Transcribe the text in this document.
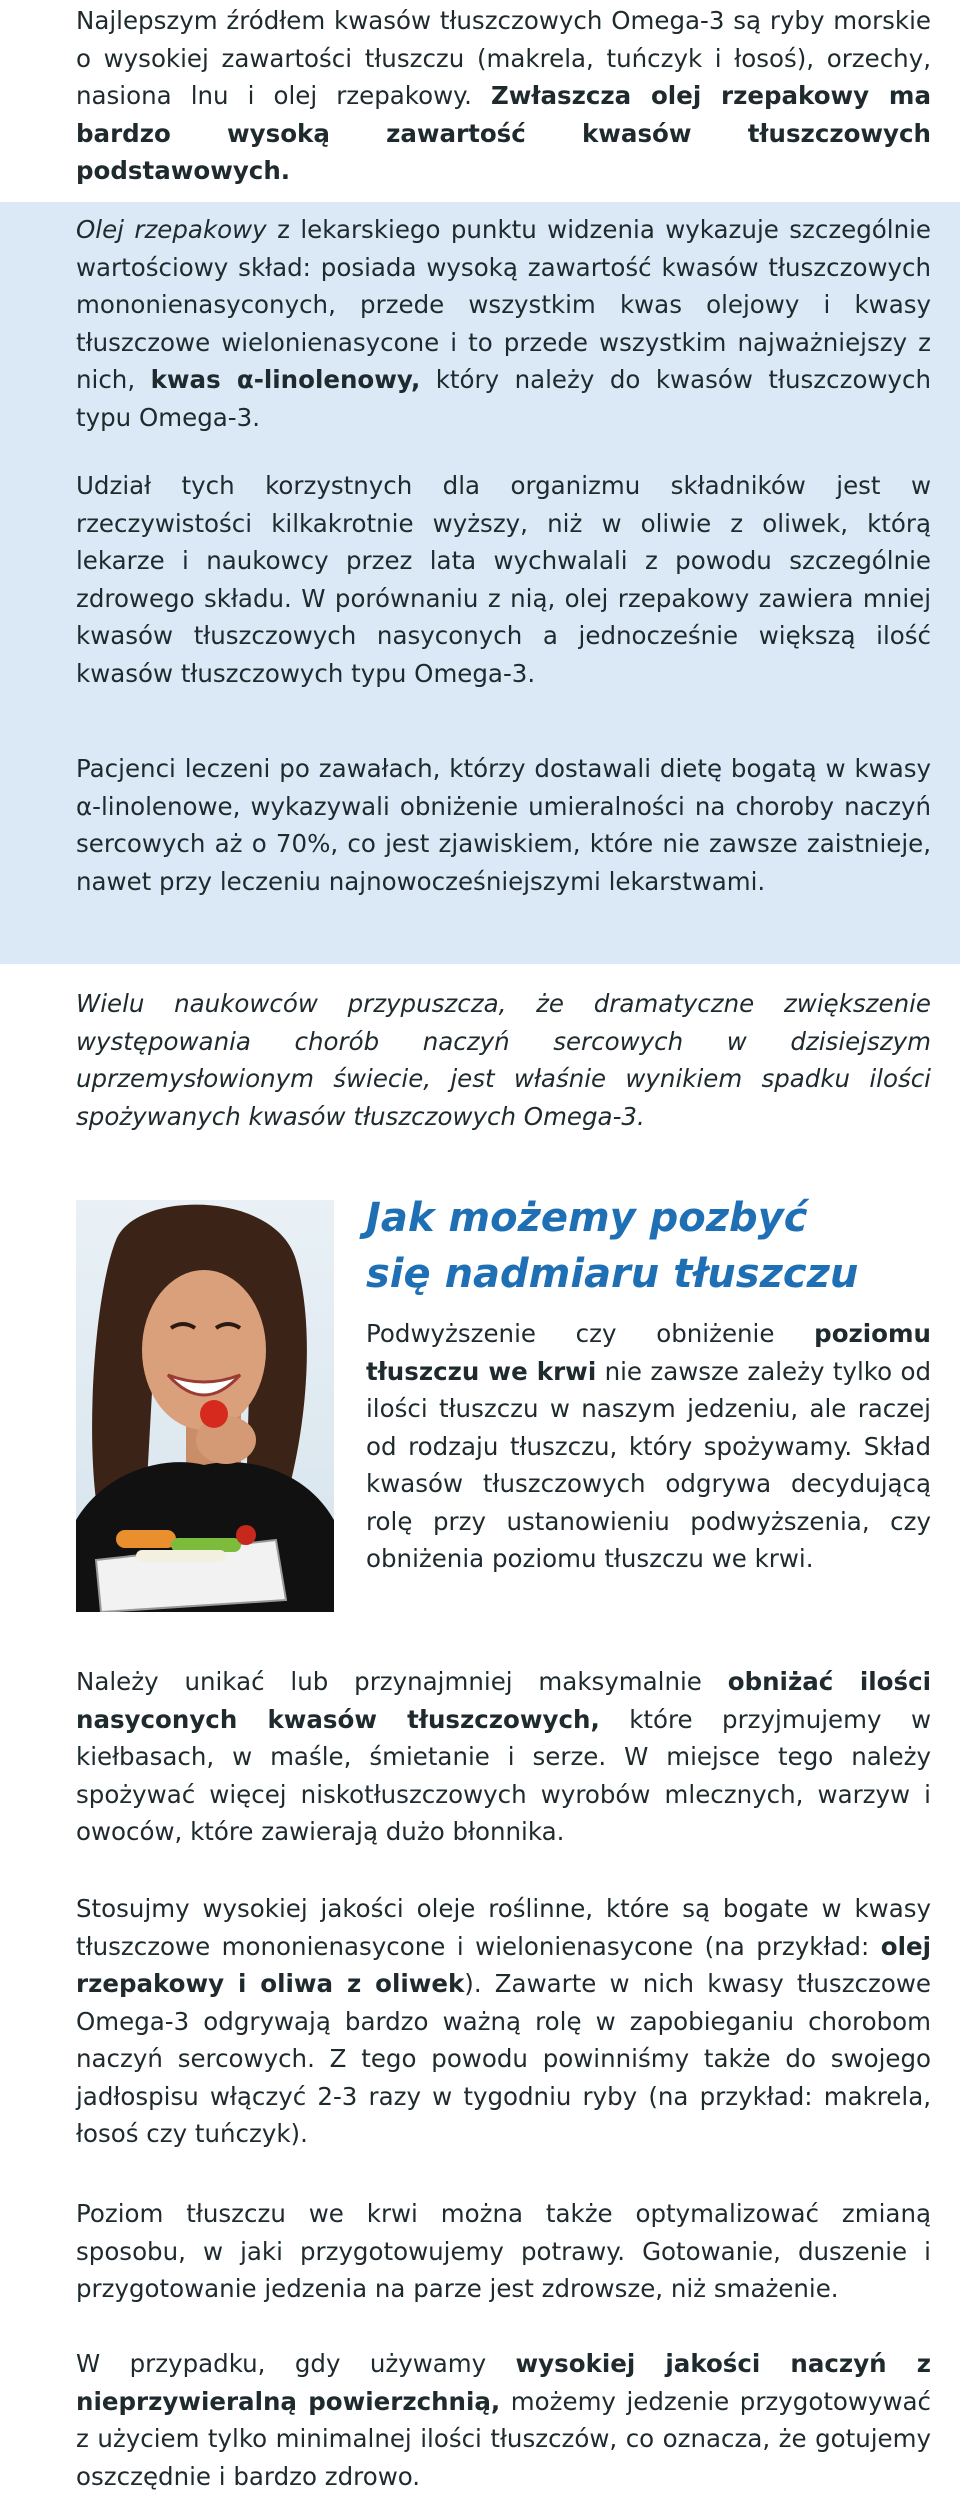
Najlepszym źródłem kwasów tłuszczowych Omega-3 są ryby morskie o wysokiej zawartości tłuszczu (makrela, tuńczyk i łosoś), orzechy, nasiona lnu i olej rzepakowy. Zwłaszcza olej rzepakowy ma bardzo wysoką zawartość kwasów tłuszczowych podstawowych.

Olej rzepakowy z lekarskiego punktu widzenia wykazuje szczególnie wartościowy skład: posiada wysoką zawartość kwasów tłuszczowych mononienasyconych, przede wszystkim kwas olejowy i kwasy tłuszczowe wielonienasycone i to przede wszystkim najważniejszy z nich, kwas α-linolenowy, który należy do kwasów tłuszczowych typu Omega-3.

Udział tych korzystnych dla organizmu składników jest w rzeczywistości kilkakrotnie wyższy, niż w oliwie z oliwek, którą lekarze i naukowcy przez lata wychwalali z powodu szczególnie zdrowego składu. W porównaniu z nią, olej rzepakowy zawiera mniej kwasów tłuszczowych nasyconych a jednocześnie większą ilość kwasów tłuszczowych typu Omega-3.

Pacjenci leczeni po zawałach, którzy dostawali dietę bogatą w kwasy α-linolenowe, wykazywali obniżenie umieralności na choroby naczyń sercowych aż o 70%, co jest zjawiskiem, które nie zawsze zaistnieje, nawet przy leczeniu najnowocześniejszymi lekarstwami.

Wielu naukowców przypuszcza, że dramatyczne zwiększenie występowania chorób naczyń sercowych w dzisiejszym uprzemysłowionym świecie, jest właśnie wynikiem spadku ilości spożywanych kwasów tłuszczowych Omega-3.

Jak możemy pozbyć
się nadmiaru tłuszczu

Podwyższenie czy obniżenie poziomu tłuszczu we krwi nie zawsze zależy tylko od ilości tłuszczu w naszym jedzeniu, ale raczej od rodzaju tłuszczu, który spożywamy. Skład kwasów tłuszczowych odgrywa decydującą rolę przy ustanowieniu podwyższenia, czy obniżenia poziomu tłuszczu we krwi.

Należy unikać lub przynajmniej maksymalnie obniżać ilości nasyconych kwasów tłuszczowych, które przyjmujemy w kiełbasach, w maśle, śmietanie i serze. W miejsce tego należy spożywać więcej niskotłuszczowych wyrobów mlecznych, warzyw i owoców, które zawierają dużo błonnika.

Stosujmy wysokiej jakości oleje roślinne, które są bogate w kwasy tłuszczowe mononienasycone i wielonienasycone (na przykład: olej rzepakowy i oliwa z oliwek). Zawarte w nich kwasy tłuszczowe Omega-3 odgrywają bardzo ważną rolę w zapobieganiu chorobom naczyń sercowych. Z tego powodu powinniśmy także do swojego jadłospisu włączyć 2-3 razy w tygodniu ryby (na przykład: makrela, łosoś czy tuńczyk).

Poziom tłuszczu we krwi można także optymalizować zmianą sposobu, w jaki przygotowujemy potrawy. Gotowanie, duszenie i przygotowanie jedzenia na parze jest zdrowsze, niż smażenie.

W przypadku, gdy używamy wysokiej jakości naczyń z nieprzywieralną powierzchnią, możemy jedzenie przygotowywać z użyciem tylko minimalnej ilości tłuszczów, co oznacza, że gotujemy oszczędnie i bardzo zdrowo.
